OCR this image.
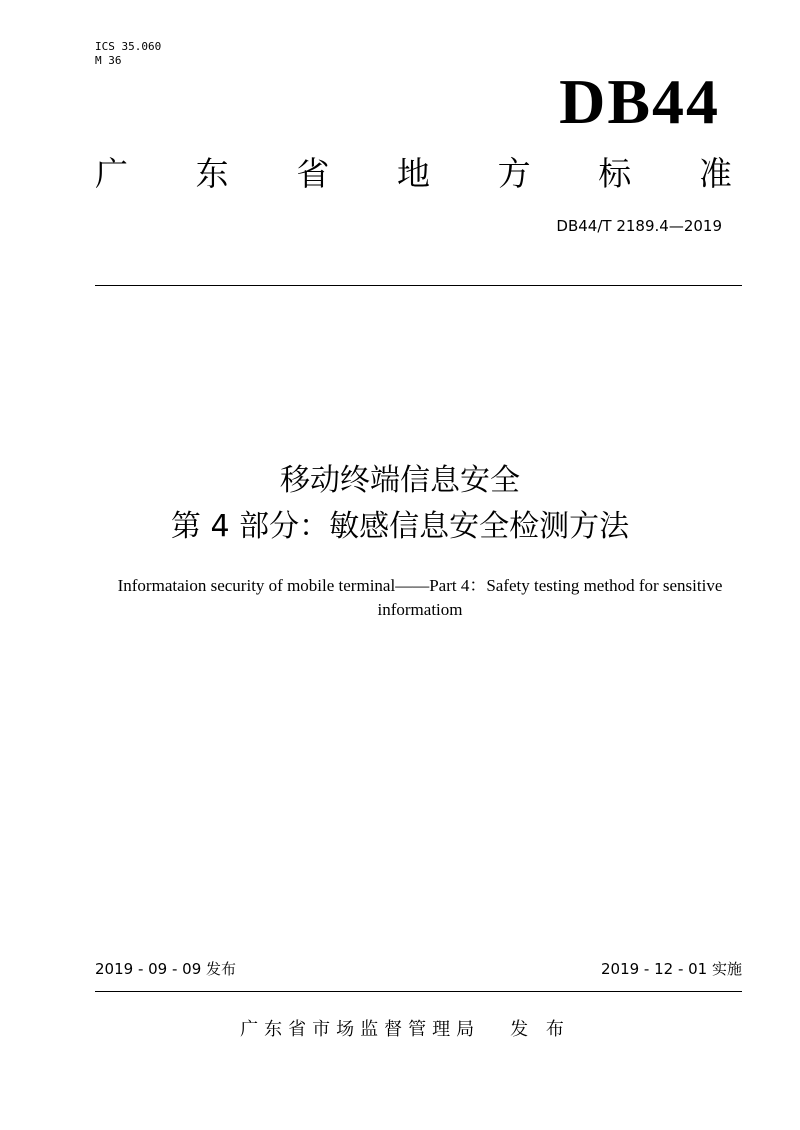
ICS 35.060
M 36
DB44
广 东 省 地 方 标 准
DB44/T 2189.4—2019
移动终端信息安全
第 4 部分：敏感信息安全检测方法
Informataion security of mobile terminal——Part 4：Safety testing method for sensitive informatiom
2019 - 09 - 09 发布	2019 - 12 - 01 实施
广东省市场监督管理局 发 布
